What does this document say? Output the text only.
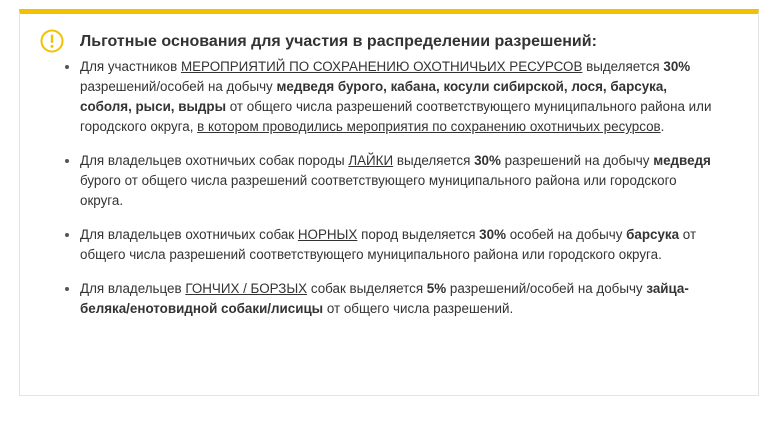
Льготные основания для участия в распределении разрешений:
Для участников МЕРОПРИЯТИЙ ПО СОХРАНЕНИЮ ОХОТНИЧЬИХ РЕСУРСОВ выделяется 30% разрешений/особей на добычу медведя бурого, кабана, косули сибирской, лося, барсука, соболя, рыси, выдры от общего числа разрешений соответствующего муниципального района или городского округа, в котором проводились мероприятия по сохранению охотничьих ресурсов.
Для владельцев охотничьих собак породы ЛАЙКИ выделяется 30% разрешений на добычу медведя бурого от общего числа разрешений соответствующего муниципального района или городского округа.
Для владельцев охотничьих собак НОРНЫХ пород выделяется 30% особей на добычу барсука от общего числа разрешений соответствующего муниципального района или городского округа.
Для владельцев ГОНЧИХ / БОРЗЫХ собак выделяется 5% разрешений/особей на добычу зайца-беляка/енотовидной собаки/лисицы от общего числа разрешений.
